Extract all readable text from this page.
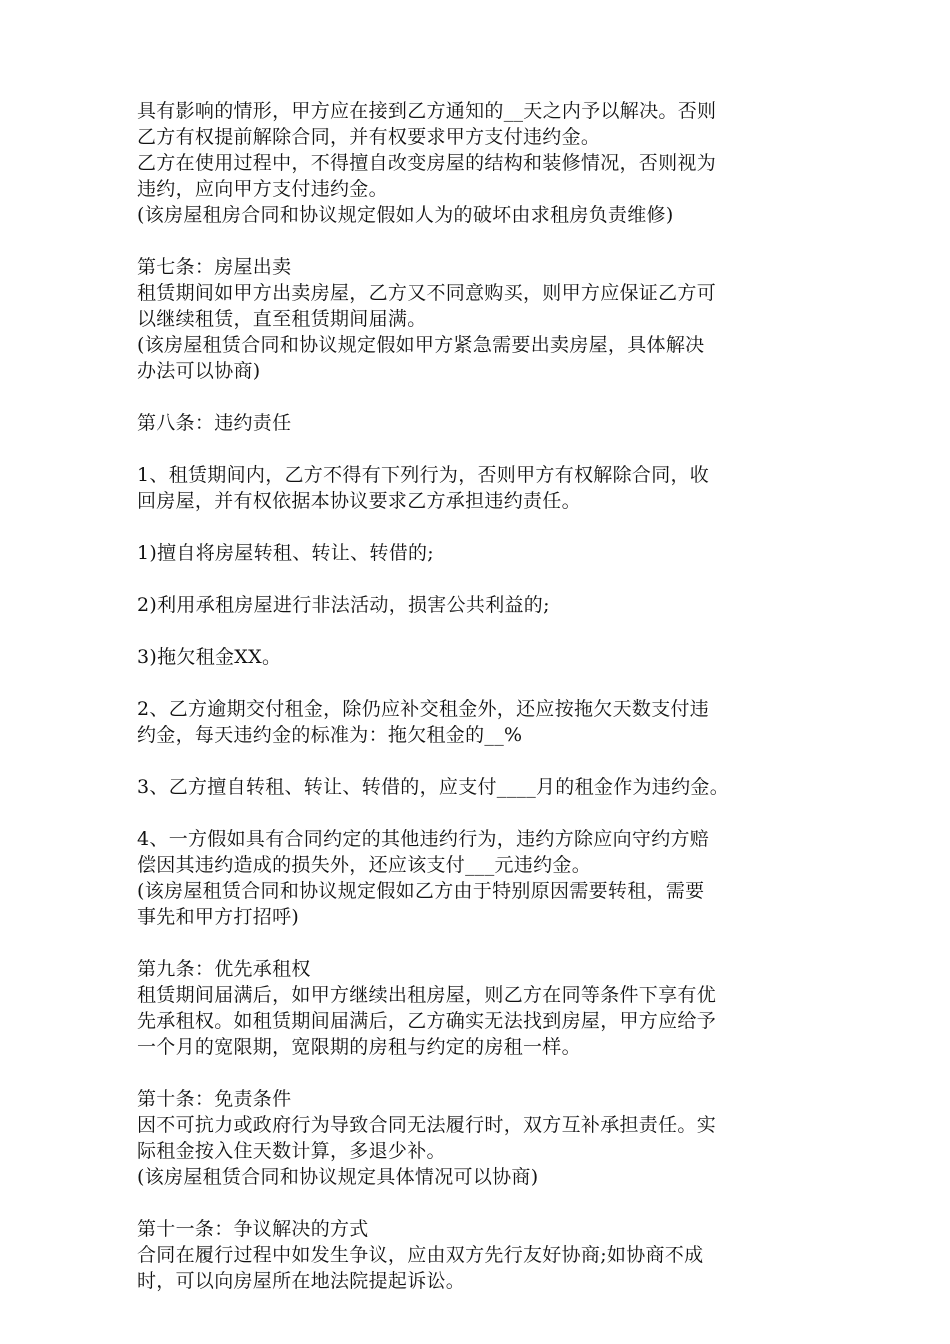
具有影响的情形，甲方应在接到乙方通知的__天之内予以解决。否则
乙方有权提前解除合同，并有权要求甲方支付违约金。
乙方在使用过程中，不得擅自改变房屋的结构和装修情况，否则视为
违约，应向甲方支付违约金。
(该房屋租房合同和协议规定假如人为的破坏由求租房负责维修)
第七条：房屋出卖
租赁期间如甲方出卖房屋，乙方又不同意购买，则甲方应保证乙方可
以继续租赁，直至租赁期间届满。
(该房屋租赁合同和协议规定假如甲方紧急需要出卖房屋，具体解决
办法可以协商)
第八条：违约责任
1、租赁期间内，乙方不得有下列行为，否则甲方有权解除合同，收
回房屋，并有权依据本协议要求乙方承担违约责任。
1)擅自将房屋转租、转让、转借的;
2)利用承租房屋进行非法活动，损害公共利益的;
3)拖欠租金XX。
2、乙方逾期交付租金，除仍应补交租金外，还应按拖欠天数支付违
约金，每天违约金的标准为：拖欠租金的__%
3、乙方擅自转租、转让、转借的，应支付____月的租金作为违约金。
4、一方假如具有合同约定的其他违约行为，违约方除应向守约方赔
偿因其违约造成的损失外，还应该支付___元违约金。
(该房屋租赁合同和协议规定假如乙方由于特别原因需要转租，需要
事先和甲方打招呼)
第九条：优先承租权
租赁期间届满后，如甲方继续出租房屋，则乙方在同等条件下享有优
先承租权。如租赁期间届满后，乙方确实无法找到房屋，甲方应给予
一个月的宽限期，宽限期的房租与约定的房租一样。
第十条：免责条件
因不可抗力或政府行为导致合同无法履行时，双方互补承担责任。实
际租金按入住天数计算，多退少补。
(该房屋租赁合同和协议规定具体情况可以协商)
第十一条：争议解决的方式
合同在履行过程中如发生争议，应由双方先行友好协商;如协商不成
时，可以向房屋所在地法院提起诉讼。
